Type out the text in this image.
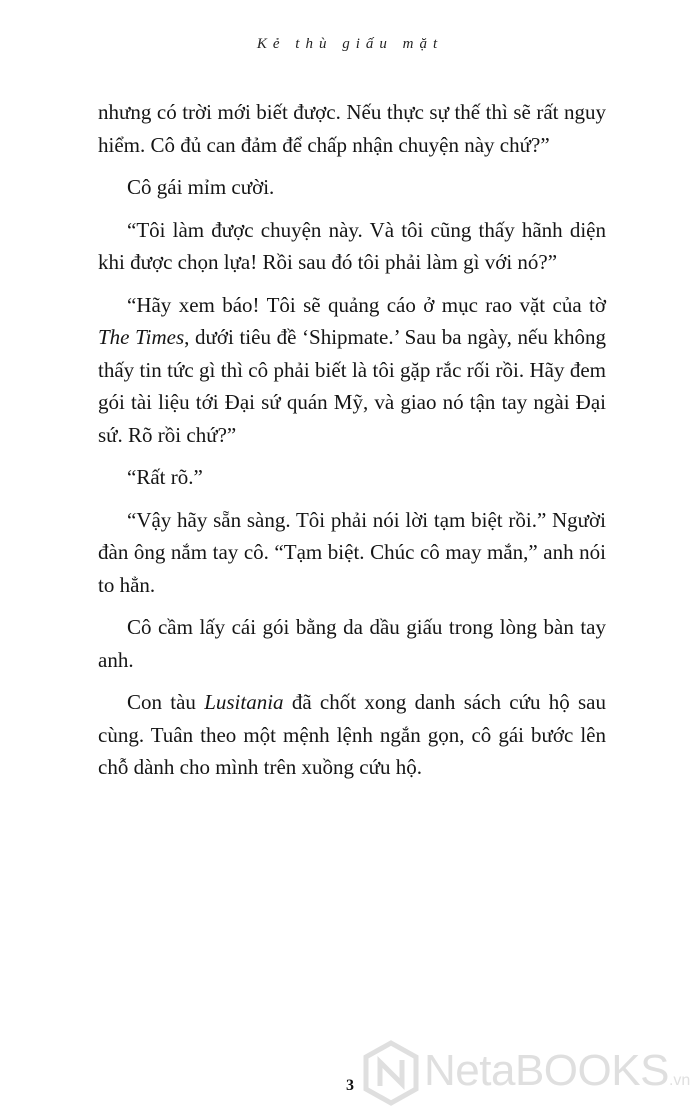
Kẻ thù giấu mặt

nhưng có trời mới biết được. Nếu thực sự thế thì sẽ rất nguy hiểm. Cô đủ can đảm để chấp nhận chuyện này chứ?”

Cô gái mỉm cười.

“Tôi làm được chuyện này. Và tôi cũng thấy hãnh diện khi được chọn lựa! Rồi sau đó tôi phải làm gì với nó?”

“Hãy xem báo! Tôi sẽ quảng cáo ở mục rao vặt của tờ The Times, dưới tiêu đề ‘Shipmate.’ Sau ba ngày, nếu không thấy tin tức gì thì cô phải biết là tôi gặp rắc rối rồi. Hãy đem gói tài liệu tới Đại sứ quán Mỹ, và giao nó tận tay ngài Đại sứ. Rõ rồi chứ?”

“Rất rõ.”

“Vậy hãy sẵn sàng. Tôi phải nói lời tạm biệt rồi.” Người đàn ông nắm tay cô. “Tạm biệt. Chúc cô may mắn,” anh nói to hẳn.

Cô cầm lấy cái gói bằng da dầu giấu trong lòng bàn tay anh.

Con tàu Lusitania đã chốt xong danh sách cứu hộ sau cùng. Tuân theo một mệnh lệnh ngắn gọn, cô gái bước lên chỗ dành cho mình trên xuồng cứu hộ.

3	NetaBOOKS.vn
